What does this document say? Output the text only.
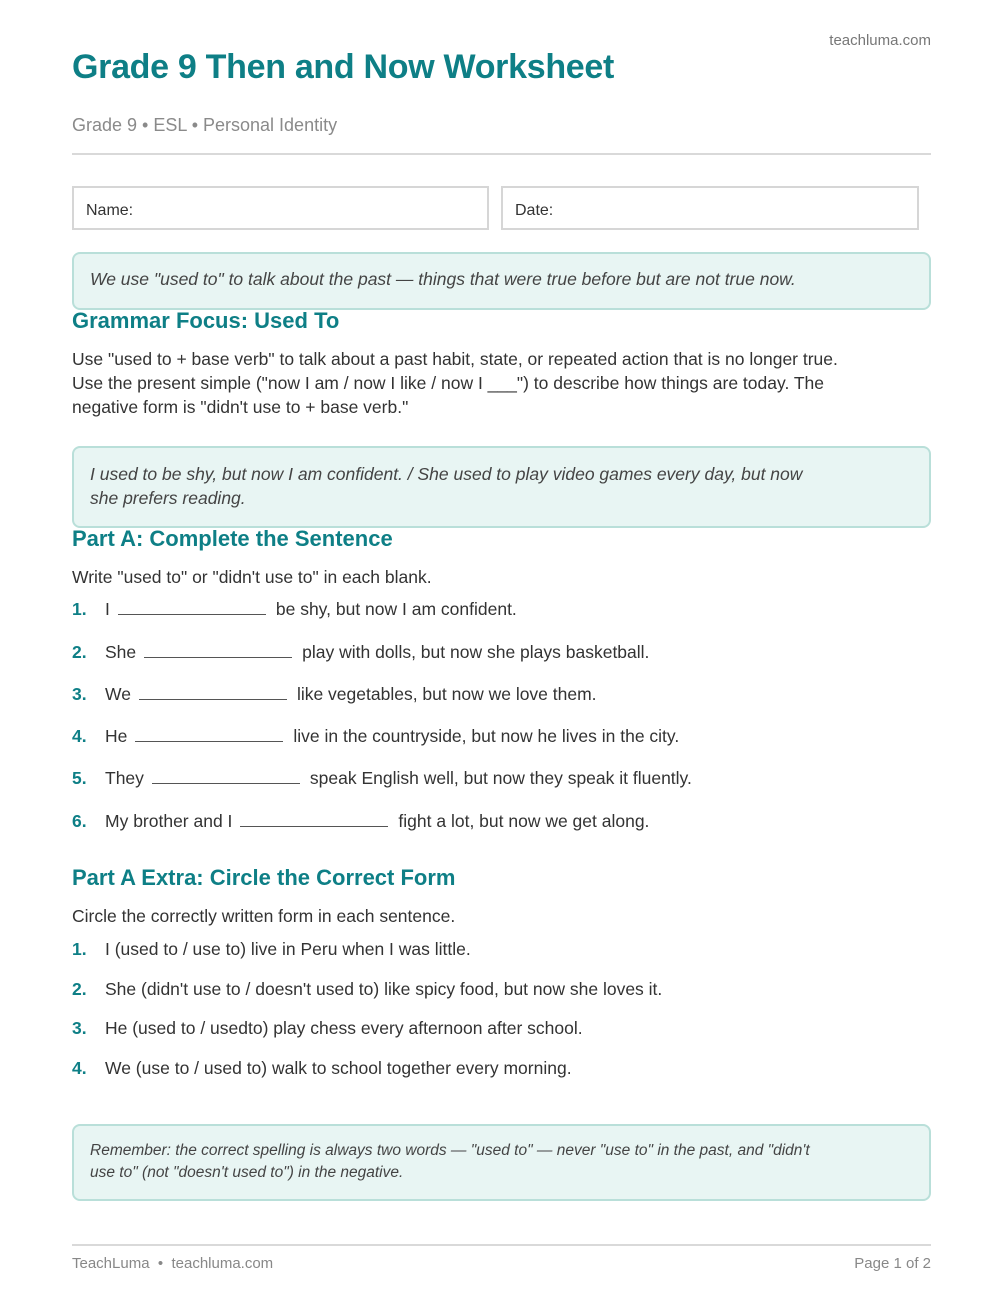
teachluma.com
Grade 9 Then and Now Worksheet
Grade 9 • ESL • Personal Identity
Name:	Date:
We use "used to" to talk about the past — things that were true before but are not true now.
Grammar Focus: Used To
Use "used to + base verb" to talk about a past habit, state, or repeated action that is no longer true.
Use the present simple ("now I am / now I like / now I ___") to describe how things are today. The
negative form is "didn't use to + base verb."
I used to be shy, but now I am confident. / She used to play video games every day, but now
she prefers reading.
Part A: Complete the Sentence
Write "used to" or "didn't use to" in each blank.
1. I	be shy, but now I am confident.
2. She	play with dolls, but now she plays basketball.
3. We	like vegetables, but now we love them.
4. He	live in the countryside, but now he lives in the city.
5. They	speak English well, but now they speak it fluently.
6. My brother and I	fight a lot, but now we get along.
Part A Extra: Circle the Correct Form
Circle the correctly written form in each sentence.
1. I (used to / use to) live in Peru when I was little.
2. She (didn't use to / doesn't used to) like spicy food, but now she loves it.
3. He (used to / usedto) play chess every afternoon after school.
4. We (use to / used to) walk to school together every morning.
Remember: the correct spelling is always two words — "used to" — never "use to" in the past, and "didn't
use to" (not "doesn't used to") in the negative.
TeachLuma  •  teachluma.com	Page 1 of 2
